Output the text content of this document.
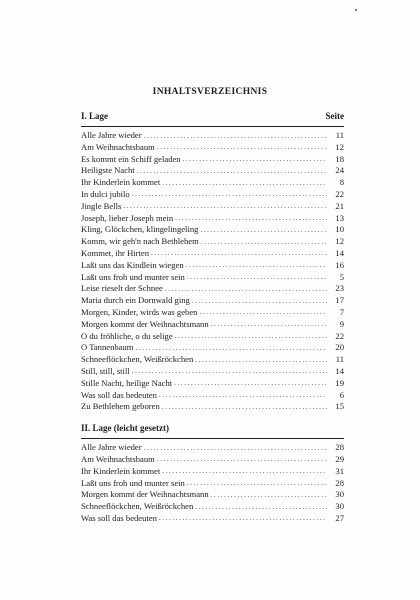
INHALTSVERZEICHNIS
I. Lage	Seite
Alle Jahre wieder .....	11
Am Weihnachtsbaum .....	12
Es kommt ein Schiff geladen .....	18
Heiligste Nacht .....	24
Ihr Kinderlein kommet .....	8
In dulci jubilo .....	22
Jingle Bells .....	21
Joseph, lieber Joseph mein .....	13
Kling, Glöckchen, klingelingeling .....	10
Komm, wir geh'n nach Bethlehem .....	12
Kommet, ihr Hirten .....	14
Laßt uns das Kindlein wiegen .....	16
Laßt uns froh und munter sein .....	5
Leise rieselt der Schnee .....	23
Maria durch ein Dornwald ging .....	17
Morgen, Kinder, wirds was geben .....	7
Morgen kommt der Weihnachtsmann .....	9
O du fröhliche, o du selige .....	22
O Tannenbaum .....	20
Schneeflöckchen, Weißröckchen .....	11
Still, still, still .....	14
Stille Nacht, heilige Nacht .....	19
Was soll das bedeuten .....	6
Zu Bethlehem geboren .....	15
II. Lage (leicht gesetzt)
Alle Jahre wieder .....	28
Am Weihnachtsbaum .....	29
Ihr Kinderlein kommet .....	31
Laßt uns froh und munter sein .....	28
Morgen kommt der Weihnachtsmann .....	30
Schneeflöckchen, Weißröckchen .....	30
Was soll das bedeuten .....	27
